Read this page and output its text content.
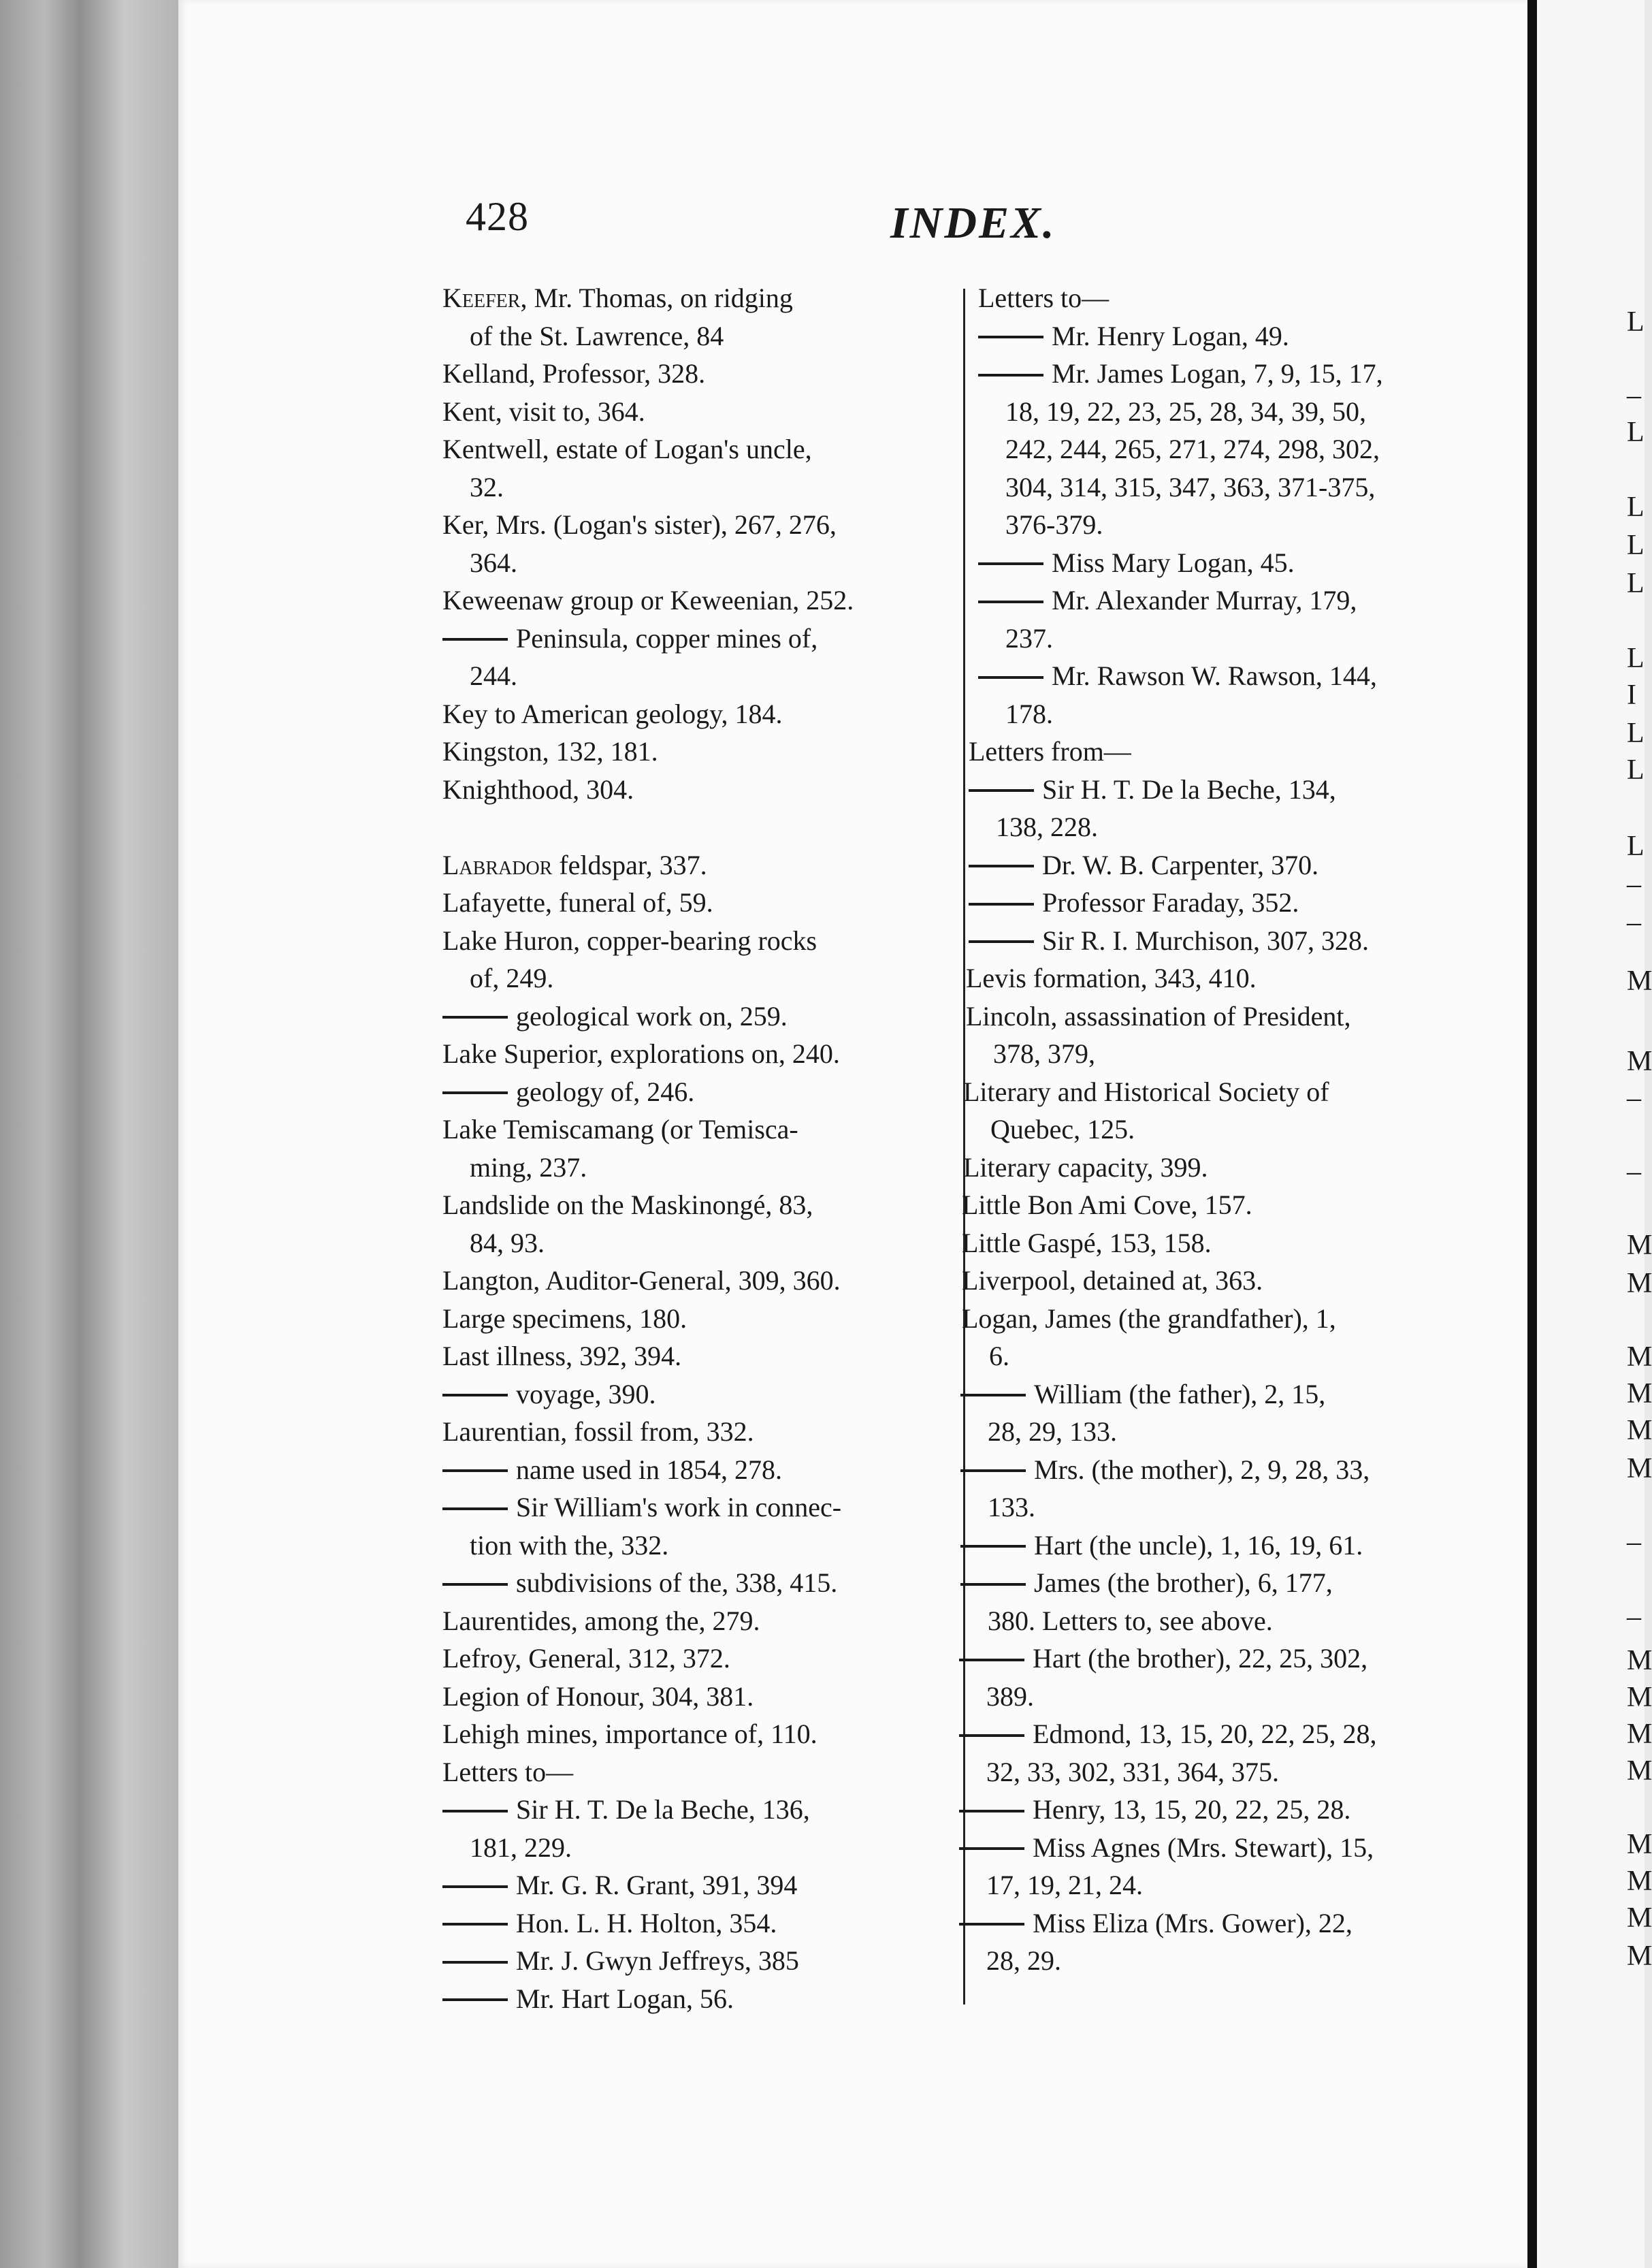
L
–
L
L
L
L
L
I
L
L
L
–
–
M
M
–
–
M
M
M
M
M
M
–
–
M
M
M
M
M
M
M
M
428	INDEX.
Keefer, Mr. Thomas, on ridging
of the St. Lawrence, 84
Kelland, Professor, 328.
Kent, visit to, 364.
Kentwell, estate of Logan's uncle,
32.
Ker, Mrs. (Logan's sister), 267, 276,
364.
Keweenaw group or Keweenian, 252.
Peninsula, copper mines of,
244.
Key to American geology, 184.
Kingston, 132, 181.
Knighthood, 304.
Labrador feldspar, 337.
Lafayette, funeral of, 59.
Lake Huron, copper-bearing rocks
of, 249.
geological work on, 259.
Lake Superior, explorations on, 240.
geology of, 246.
Lake Temiscamang (or Temisca-
ming, 237.
Landslide on the Maskinongé, 83,
84, 93.
Langton, Auditor-General, 309, 360.
Large specimens, 180.
Last illness, 392, 394.
voyage, 390.
Laurentian, fossil from, 332.
name used in 1854, 278.
Sir William's work in connec-
tion with the, 332.
subdivisions of the, 338, 415.
Laurentides, among the, 279.
Lefroy, General, 312, 372.
Legion of Honour, 304, 381.
Lehigh mines, importance of, 110.
Letters to—
Sir H. T. De la Beche, 136,
181, 229.
Mr. G. R. Grant, 391, 394
Hon. L. H. Holton, 354.
Mr. J. Gwyn Jeffreys, 385
Mr. Hart Logan, 56.
Letters to—
Mr. Henry Logan, 49.
Mr. James Logan, 7, 9, 15, 17,
18, 19, 22, 23, 25, 28, 34, 39, 50,
242, 244, 265, 271, 274, 298, 302,
304, 314, 315, 347, 363, 371-375,
376-379.
Miss Mary Logan, 45.
Mr. Alexander Murray, 179,
237.
Mr. Rawson W. Rawson, 144,
178.
Letters from—
Sir H. T. De la Beche, 134,
138, 228.
Dr. W. B. Carpenter, 370.
Professor Faraday, 352.
Sir R. I. Murchison, 307, 328.
Levis formation, 343, 410.
Lincoln, assassination of President,
378, 379,
Literary and Historical Society of
Quebec, 125.
Literary capacity, 399.
Little Bon Ami Cove, 157.
Little Gaspé, 153, 158.
Liverpool, detained at, 363.
Logan, James (the grandfather), 1,
6.
William (the father), 2, 15,
28, 29, 133.
Mrs. (the mother), 2, 9, 28, 33,
133.
Hart (the uncle), 1, 16, 19, 61.
James (the brother), 6, 177,
380. Letters to, see above.
Hart (the brother), 22, 25, 302,
389.
Edmond, 13, 15, 20, 22, 25, 28,
32, 33, 302, 331, 364, 375.
Henry, 13, 15, 20, 22, 25, 28.
Miss Agnes (Mrs. Stewart), 15,
17, 19, 21, 24.
Miss Eliza (Mrs. Gower), 22,
28, 29.
